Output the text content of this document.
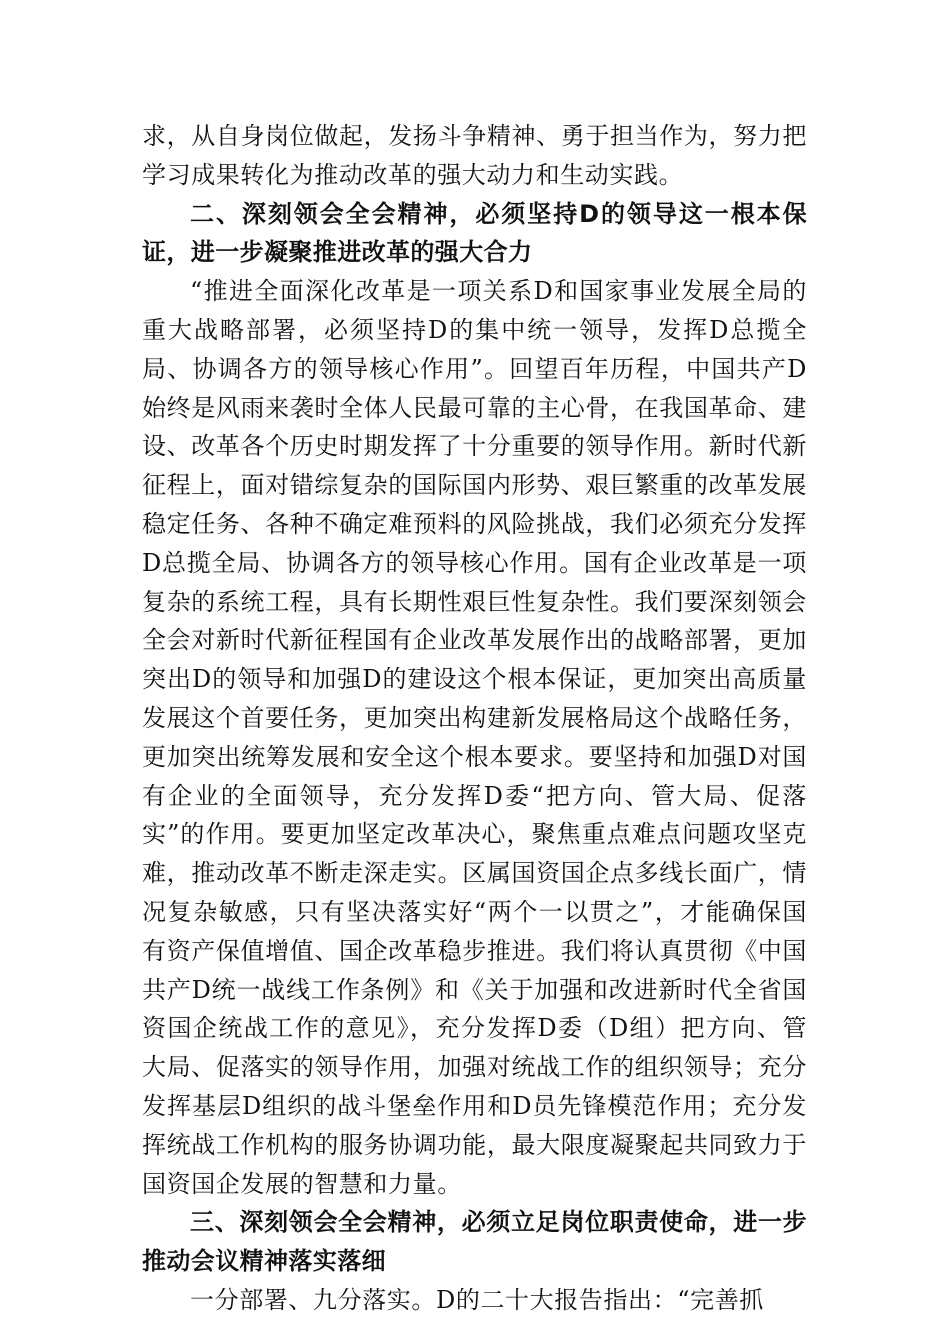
求，从自身岗位做起，发扬斗争精神、勇于担当作为，努力把学习成果转化为推动改革的强大动力和生动实践。

二、深刻领会全会精神，必须坚持D的领导这一根本保证，进一步凝聚推进改革的强大合力

“推进全面深化改革是一项关系D和国家事业发展全局的重大战略部署，必须坚持D的集中统一领导，发挥D总揽全局、协调各方的领导核心作用”。回望百年历程，中国共产D始终是风雨来袭时全体人民最可靠的主心骨，在我国革命、建设、改革各个历史时期发挥了十分重要的领导作用。新时代新征程上，面对错综复杂的国际国内形势、艰巨繁重的改革发展稳定任务、各种不确定难预料的风险挑战，我们必须充分发挥D总揽全局、协调各方的领导核心作用。国有企业改革是一项复杂的系统工程，具有长期性艰巨性复杂性。我们要深刻领会全会对新时代新征程国有企业改革发展作出的战略部署，更加突出D的领导和加强D的建设这个根本保证，更加突出高质量发展这个首要任务，更加突出构建新发展格局这个战略任务，更加突出统筹发展和安全这个根本要求。要坚持和加强D对国有企业的全面领导，充分发挥D委“把方向、管大局、促落实”的作用。要更加坚定改革决心，聚焦重点难点问题攻坚克难，推动改革不断走深走实。区属国资国企点多线长面广，情况复杂敏感，只有坚决落实好“两个一以贯之”，才能确保国有资产保值增值、国企改革稳步推进。我们将认真贯彻《中国共产D统一战线工作条例》和《关于加强和改进新时代全省国资国企统战工作的意见》，充分发挥D委（D组）把方向、管大局、促落实的领导作用，加强对统战工作的组织领导；充分发挥基层D组织的战斗堡垒作用和D员先锋模范作用；充分发挥统战工作机构的服务协调功能，最大限度凝聚起共同致力于国资国企发展的智慧和力量。

三、深刻领会全会精神，必须立足岗位职责使命，进一步推动会议精神落实落细

一分部署、九分落实。D的二十大报告指出：“完善抓
